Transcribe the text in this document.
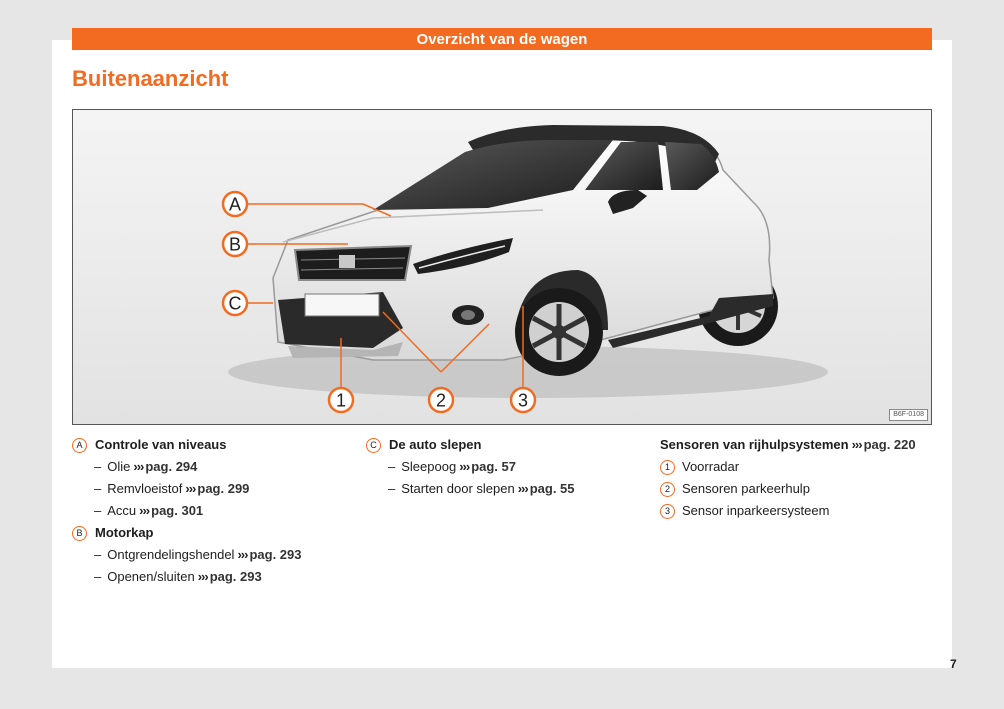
Overzicht van de wagen
Buitenaanzicht
A
B
C
1	2	3
B6F-0108
A Controle van niveaus
– Olie ››› pag. 294
– Remvloeistof ››› pag. 299
– Accu ››› pag. 301
B Motorkap
– Ontgrendelingshendel ››› pag. 293
– Openen/sluiten ››› pag. 293
C De auto slepen
– Sleepoog ››› pag. 57
– Starten door slepen ››› pag. 55
Sensoren van rijhulpsystemen ››› pag. 220
1 Voorradar
2 Sensoren parkeerhulp
3 Sensor inparkeersysteem
7
